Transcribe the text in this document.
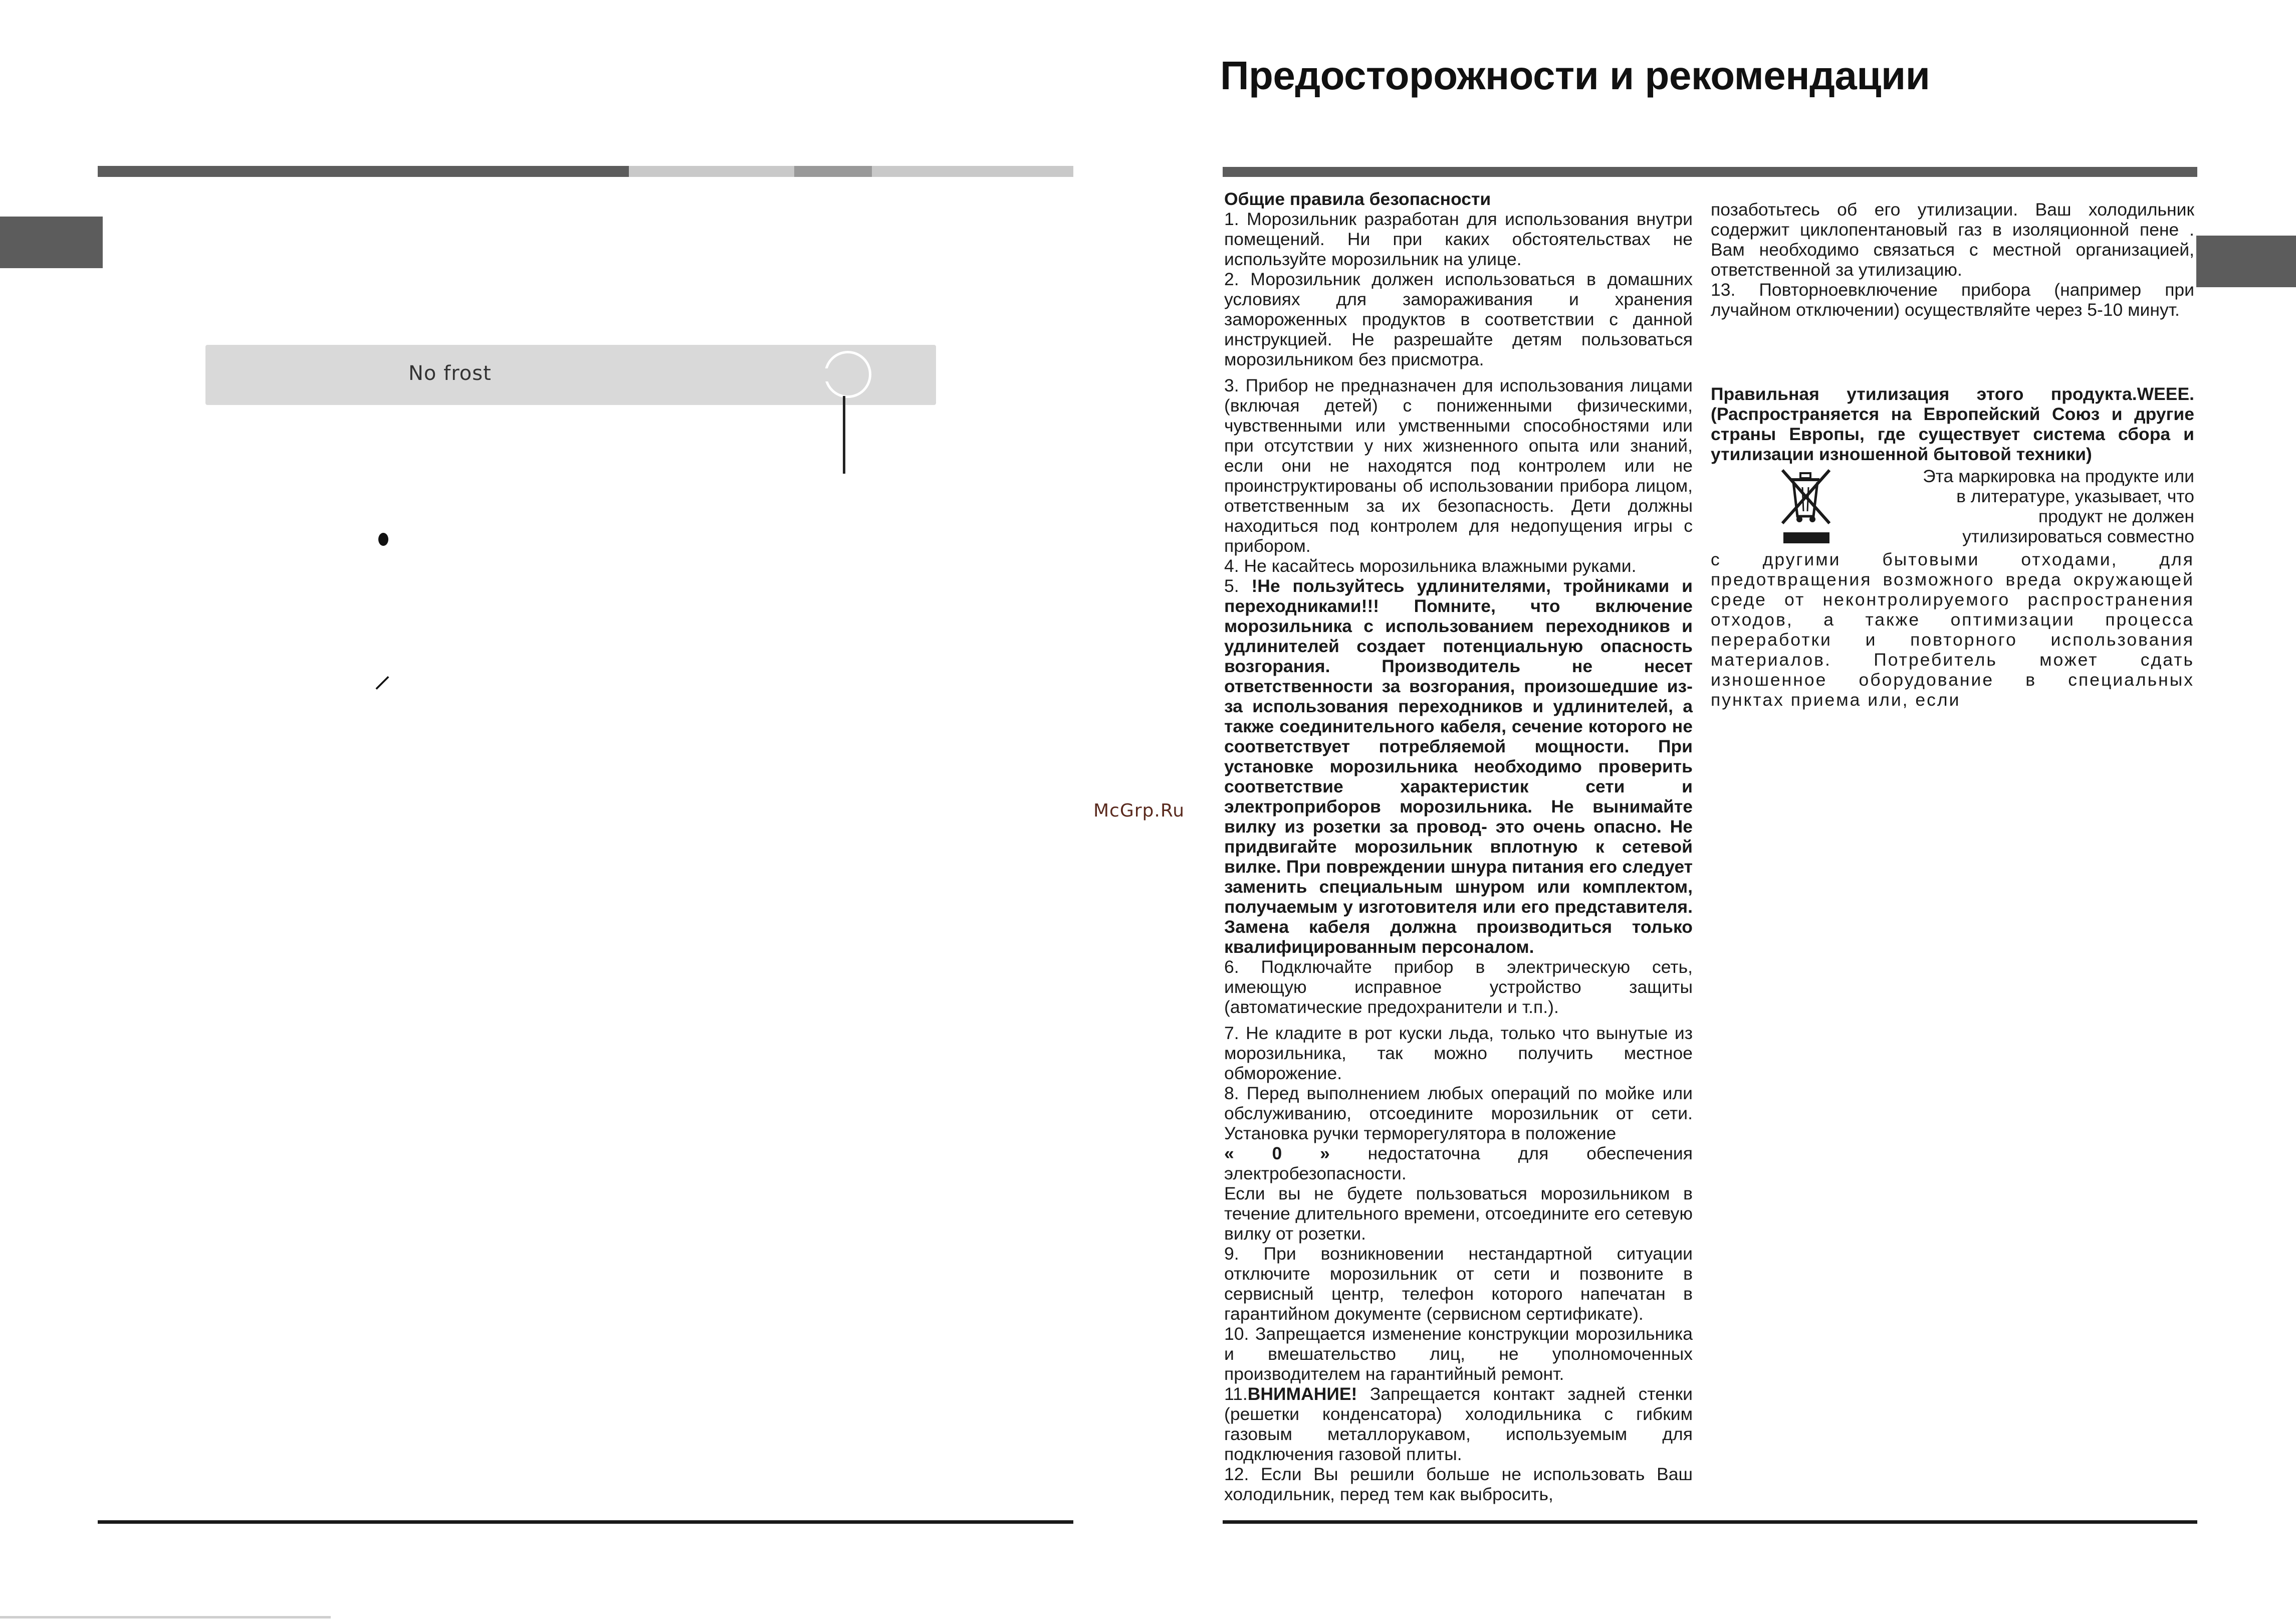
No frost
⸝
McGrp.Ru
Предосторожности и рекомендации
Общие правила безопасности

1. Морозильник разработан для использования внутри помещений. Ни при каких обстоятельствах не используйте морозильник на улице.

2. Морозильник должен использоваться в домашних условиях для замораживания и хранения замороженных продуктов в соответствии с данной инструкцией. Не разрешайте детям пользоваться морозильником без присмотра.

3. Прибор не предназначен для использования лицами (включая детей) с пониженными физическими, чувственными или умственными способностями или при отсутствии у них жизненного опыта или знаний, если они не находятся под контролем или не проинструктированы об использовании прибора лицом, ответственным за их безопасность. Дети должны находиться под контролем для недопущения игры с прибором.

4. Не касайтесь морозильника влажными руками.

5. !Не пользуйтесь удлинителями, тройниками и переходниками!!! Помните, что включение морозильника с использованием переходников и удлинителей создает потенциальную опасность возгорания. Производитель не несет ответственности за возгорания, произошедшие из-за использования переходников и удлинителей, а также соединительного кабеля, сечение которого не соответствует потребляемой мощности. При установке морозильника необходимо проверить соответствие характеристик сети и электроприборов морозильника. Не вынимайте вилку из розетки за провод- это очень опасно. Не придвигайте морозильник вплотную к сетевой вилке. При повреждении шнура питания его следует заменить специальным шнуром или комплектом, получаемым у изготовителя или его представителя. Замена кабеля должна производиться только квалифицированным персоналом.

6. Подключайте прибор в электрическую сеть, имеющую исправное устройство защиты (автоматические предохранители и т.п.).

7. Не кладите в рот куски льда, только что вынутые из морозильника, так можно получить местное обморожение.

8. Перед выполнением любых операций по мойке или обслуживанию, отсоедините морозильник от сети. Установка ручки терморегулятора в положение
« 0 » недостаточна для обеспечения электробезопасности.

Если вы не будете пользоваться морозильником в течение длительного времени, отсоедините его сетевую вилку от розетки.

9. При возникновении нестандартной ситуации отключите морозильник от сети и позвоните в сервисный центр, телефон которого напечатан в гарантийном документе (сервисном сертификате).

10. Запрещается изменение конструкции морозильника и вмешательство лиц, не уполномоченных производителем на гарантийный ремонт.

11.ВНИМАНИЕ! Запрещается контакт задней стенки (решетки конденсатора) холодильника с гибким газовым металлорукавом, используемым для подключения газовой плиты.

12. Если Вы решили больше не использовать Ваш холодильник, перед тем как выбросить,

позаботьтесь об его утилизации. Ваш холодильник содержит циклопентановый газ в изоляционной пене . Вам необходимо связаться с местной организацией, ответственной за утилизацию.

13. Повторноевключение прибора (например при лучайном отключении) осуществляйте через 5-10 минут.

Правильная утилизация этого продукта.WEEE. (Распространяется на Европейский Союз и другие страны Европы, где существует система сбора и утилизации изношенной бытовой техники)

Эта маркировка на продукте или в литературе, указывает, что продукт не должен утилизироваться совместно

с другими бытовыми отходами, для предотвращения возможного вреда окружающей среде от неконтролируемого распространения отходов, а также оптимизации процесса переработки и повторного использования материалов. Потребитель может сдать изношенное оборудование в специальных пунктах приема или, если
